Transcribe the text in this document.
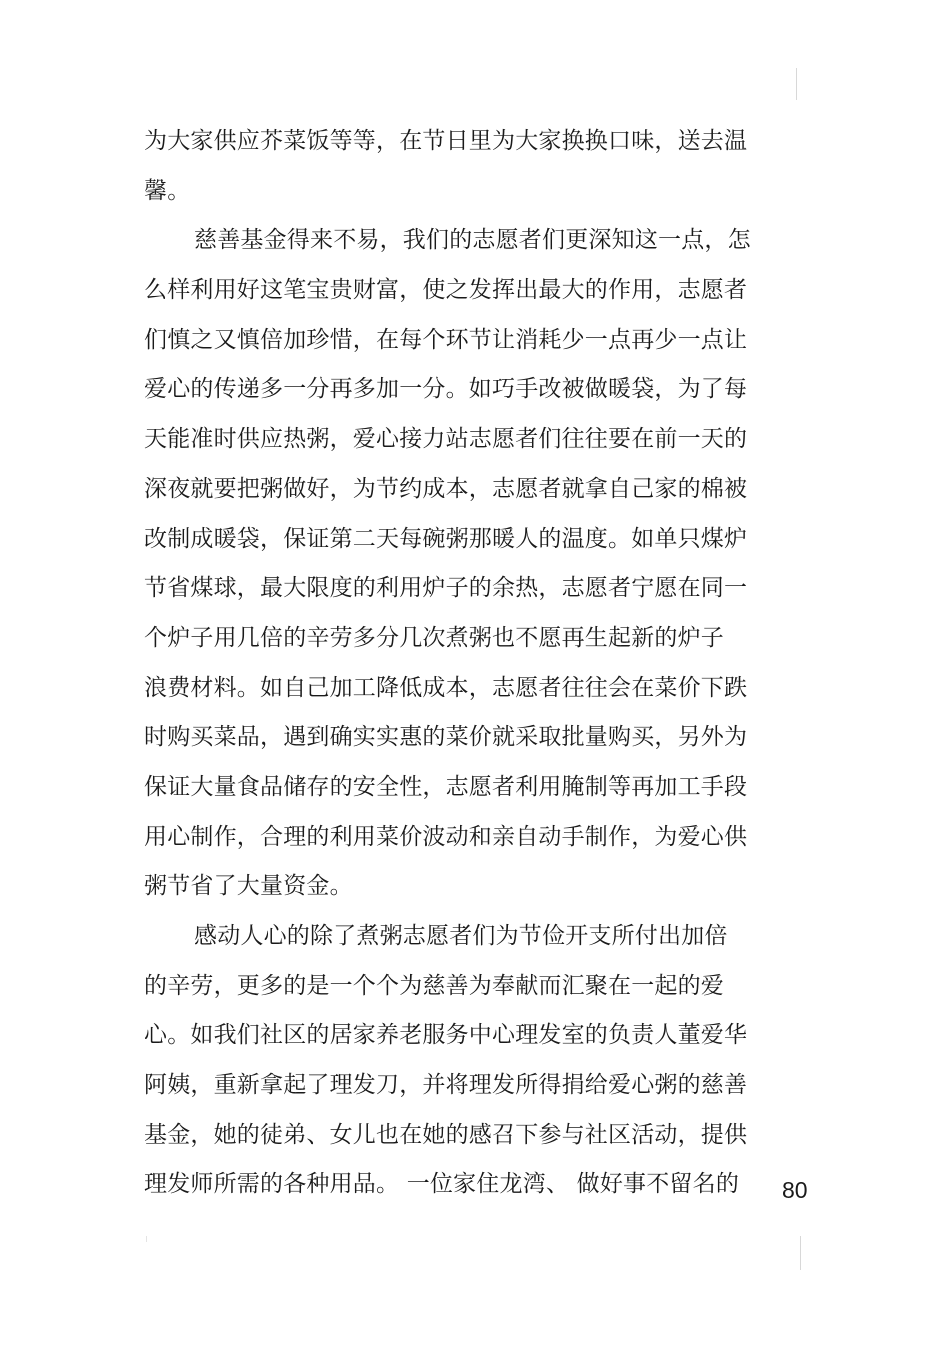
为大家供应芥菜饭等等，在节日里为大家换换口味，送去温
馨。
慈善基金得来不易，我们的志愿者们更深知这一点，怎
么样利用好这笔宝贵财富，使之发挥出最大的作用，志愿者
们慎之又慎倍加珍惜，在每个环节让消耗少一点再少一点让
爱心的传递多一分再多加一分。如巧手改被做暖袋，为了每
天能准时供应热粥，爱心接力站志愿者们往往要在前一天的
深夜就要把粥做好，为节约成本，志愿者就拿自己家的棉被
改制成暖袋，保证第二天每碗粥那暖人的温度。如单只煤炉
节省煤球，最大限度的利用炉子的余热，志愿者宁愿在同一
个炉子用几倍的辛劳多分几次煮粥也不愿再生起新的炉子
浪费材料。如自己加工降低成本，志愿者往往会在菜价下跌
时购买菜品，遇到确实实惠的菜价就采取批量购买，另外为
保证大量食品储存的安全性，志愿者利用腌制等再加工手段
用心制作，合理的利用菜价波动和亲自动手制作，为爱心供
粥节省了大量资金。
感动人心的除了煮粥志愿者们为节俭开支所付出加倍
的辛劳，更多的是一个个为慈善为奉献而汇聚在一起的爱
心。如我们社区的居家养老服务中心理发室的负责人董爱华
阿姨，重新拿起了理发刀，并将理发所得捐给爱心粥的慈善
基金，她的徒弟、女儿也在她的感召下参与社区活动，提供
理发师所需的各种用品。 一位家住龙湾、 做好事不留名的	80
